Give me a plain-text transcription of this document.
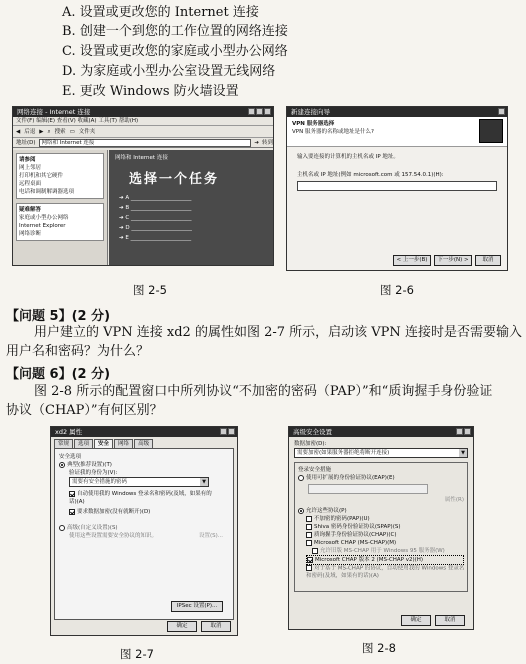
A. 设置或更改您的 Internet 连接
B. 创建一个到您的工作位置的网络连接
C. 设置或更改您的家庭或小型办公网络
D. 为家庭或小型办公室设置无线网络
E. 更改 Windows 防火墙设置
网络连接 - Internet 连接
文件(F) 编辑(E) 查看(V) 收藏(A) 工具(T) 帮助(H)
◀ 后退 ▶ ⌕ 搜索 ▭ 文件夹
地址(D)	网络和 Internet 连接	➔ 转到
请参阅
网上邻居
打印机和其它硬件
远程桌面
电话和调制解调器选项
疑难解答
家庭或小型办公网络
Internet Explorer
网络诊断
网络和 Internet 连接
选择一个任务
➔ A ______________________
➔ B ______________________
➔ C ______________________
➔ D ______________________
➔ E ______________________
新建连接向导
VPN 服务器选择
VPN 服务器的名称或地址是什么?
输入要连接的计算机的主机名或 IP 地址。
主机名或 IP 地址(例如 microsoft.com 或 157.54.0.1)(H):
< 上一步(B)	下一步(N) >	取消
图 2-5	图 2-6
【问题 5】(2 分)
用户建立的 VPN 连接 xd2 的属性如图 2-7 所示，启动该 VPN 连接时是否需要输入
用户名和密码？为什么？
【问题 6】(2 分)
图 2-8 所示的配置窗口中所列协议“不加密的密码（PAP）”和“质询握手身份验证
协议（CHAP）”有何区别？
xd2 属性
常规	选项	安全	网络	高级
安全选项
典型(推荐设置)(T)
验证我的身份为(V):
需要有安全措施的密码	▼
自动使用我的 Windows 登录名和密码(及域，如果有的话)(A)
要求数据加密(没有就断开)(D)
高级(自定义设置)(S)
使用这些设置需要安全协议的知识。	设置(S)...
IPSec 设置(P)...
确定	取消
高级安全设置
数据加密(D):
需要加密(如果服务器拒绝将断开连接)	▼
登录安全措施
使用可扩展的身份验证协议(EAP)(E)
属性(R)
允许这些协议(P)
不加密的密码(PAP)(U)
Shiva 密码身份验证协议(SPAP)(S)
质询握手身份验证协议(CHAP)(C)
Microsoft CHAP (MS-CHAP)(M)
允许旧版 MS-CHAP 用于 Windows 95 服务器(W)
Microsoft CHAP 版本 2 (MS-CHAP v2)(H)
对于基于 MS-CHAP 的协议，自动使用我的 Windows 登录名和密码(及域，如果有的话)(A)
确定	取消
图 2-7	图 2-8
